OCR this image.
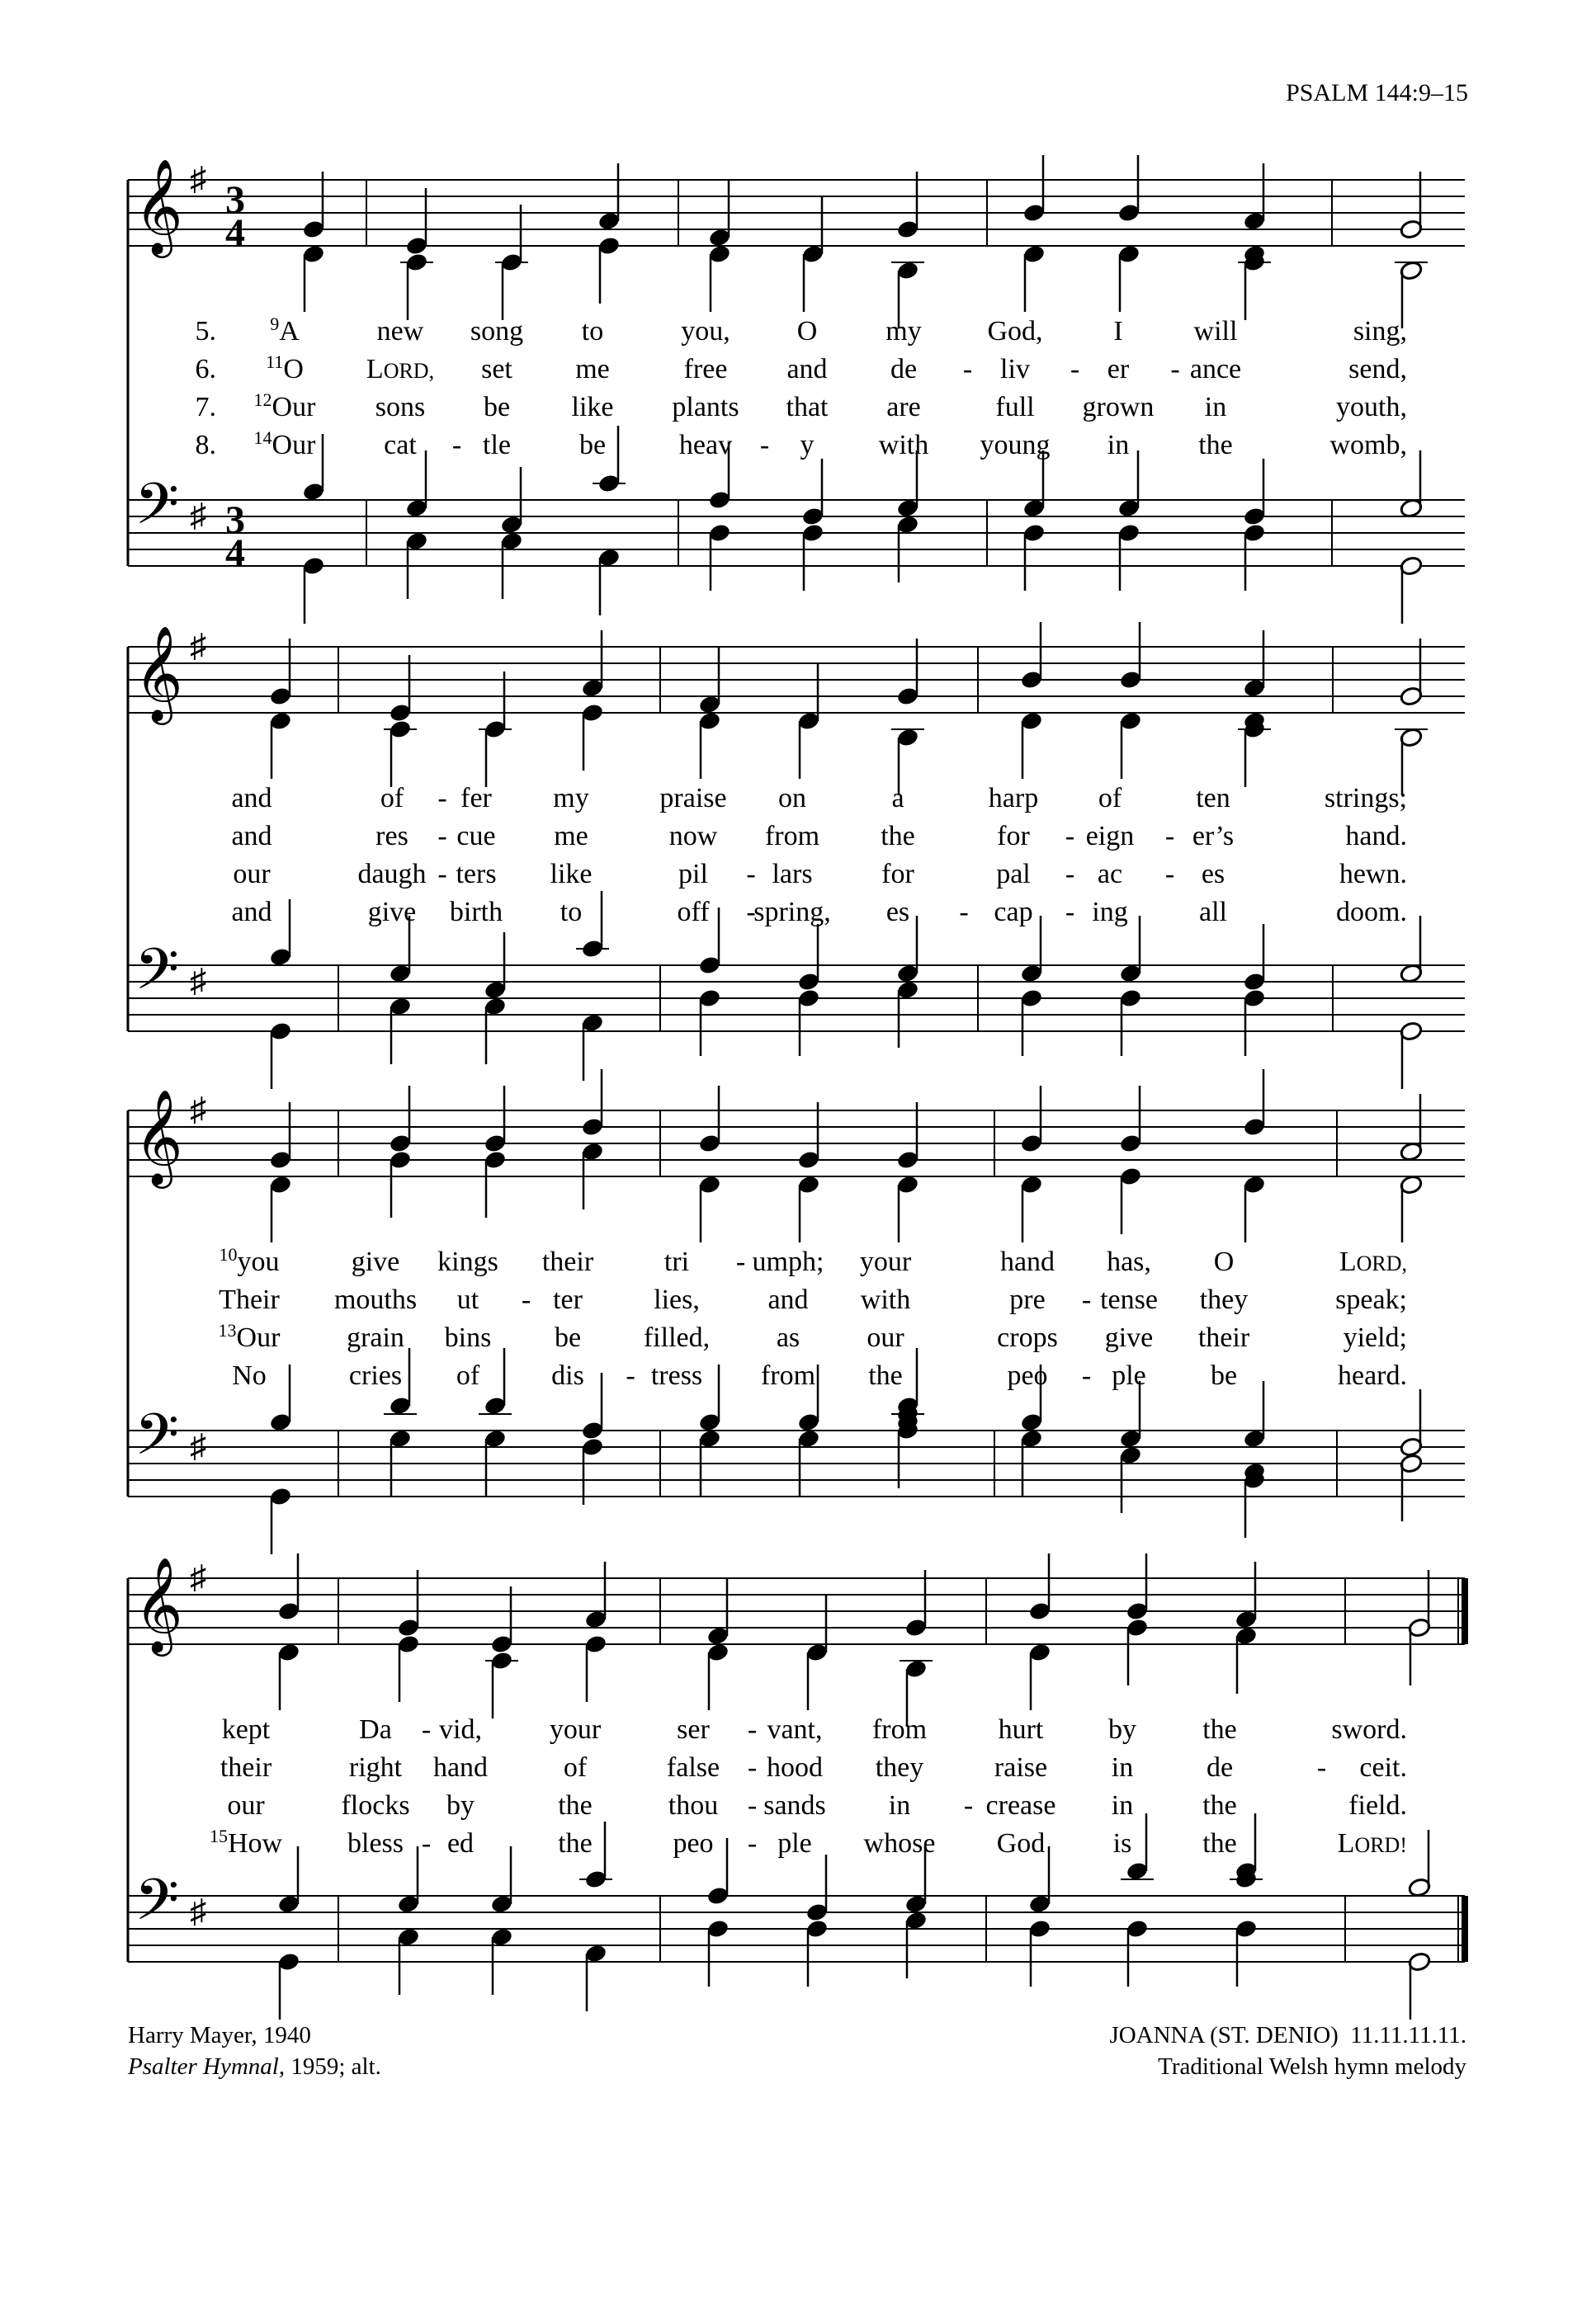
PSALM 144:9–15
𝄞
𝄢
♯
♯
3
4
3
4
5.	$^9$A	new song to	you, O my God,	I	will	sing,
6.	$^{11}$O LORD, set me	free and de - liv - er - ance	send,
7. $^{12}$Our sons be like plants that are	full grown in	youth,
8. $^{14}$Our cat - tle be	heav - y with young in the	womb,
𝄞
𝄢
♯
♯
and	of - fer my	praise on	a	harp of	ten	strings;
and	res - cue me	now from the	for - eign - er’s	hand.
our	daugh - ters like	pil - lars for	pal - ac - es	hewn.
and	give birth to	off -
spring, es - cap - ing	all	doom.
𝄞
𝄢
♯
♯
$^{10}$you	give kings their	tri - umph; your	hand has, O	LORD,
Their mouths ut - ter	lies, and with	pre - tense they	speak;
$^{13}$Our grain bins be filled, as our	crops give their	yield;
No	cries of	dis - tress from the	peo - ple be	heard.
𝄞
𝄢
♯
♯
kept	Da - vid, your	ser - vant, from	hurt by the	sword.
their	right hand	of	false - hood they	raise in	de	- ceit.
our	flocks by	the	thou - sands in - crease in the	field.
$^{15}$How bless - ed	the	peo - ple whose God is	the	LORD!
Harry Mayer, 1940
Psalter Hymnal, 1959; alt.
JOANNA (ST. DENIO)  11.11.11.11.
Traditional Welsh hymn melody
